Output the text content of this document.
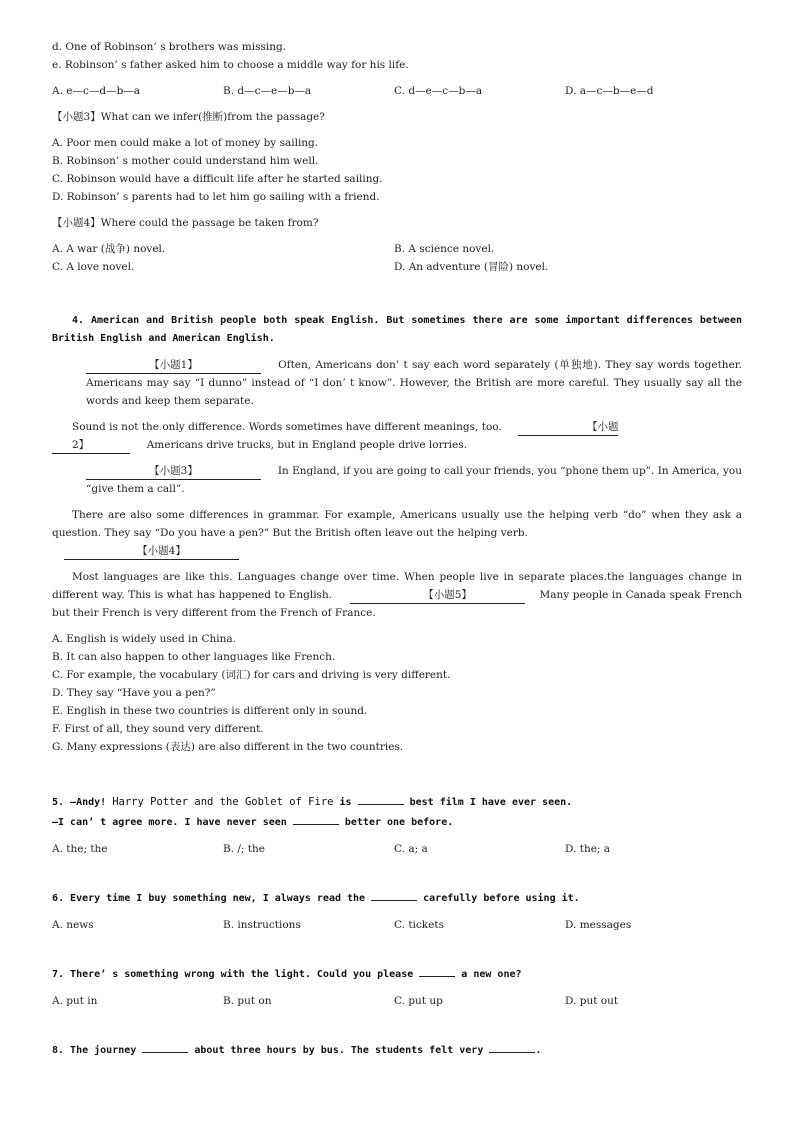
d. One of Robinson’ s brothers was missing.
e. Robinson’ s father asked him to choose a middle way for his life.
A. e—c—d—b—a	B. d—c—e—b—a	C. d—e—c—b—a	D. a—c—b—e—d
【小题3】What can we infer(推断)from the passage?
A. Poor men could make a lot of money by sailing.
B. Robinson’ s mother could understand him well.
C. Robinson would have a difficult life after he started sailing.
D. Robinson’ s parents had to let him go sailing with a friend.
【小题4】Where could the passage be taken from?
A. A war (战争) novel.	B. A science novel.
C. A love novel.	D. An adventure (冒险) novel.
4. American and British people both speak English. But sometimes there are some important differences between British English and American English.
【小题1】	Often, Americans don’ t say each word separately (单独地). They say words together. Americans may say “I dunno” instead of “I don’ t know”. However, the British are more careful. They usually say all the words and keep them separate.
Sound is not the only difference. Words sometimes have different meanings, too.	【小题
2】	Americans drive trucks, but in England people drive lorries.
【小题3】	In England, if you are going to call your friends, you “phone them up”. In America, you “give them a call”.
There are also some differences in grammar. For example, Americans usually use the helping verb “do” when they ask a question. They say “Do you have a pen?” But the British often leave out the helping verb.
【小题4】
Most languages are like this. Languages change over time. When people live in separate places.the languages change in different way. This is what has happened to English.	【小题5】	Many people in Canada speak French but their French is very different from the French of France.
A. English is widely used in China.
B. It can also happen to other languages like French.
C. For example, the vocabulary (词汇) for cars and driving is very different.
D. They say “Have you a pen?”
E. English in these two countries is different only in sound.
F. First of all, they sound very different.
G. Many expressions (表达) are also different in the two countries.
5. —Andy! Harry Potter and the Goblet of Fire is	best film I have ever seen.
—I can’ t agree more. I have never seen	better one before.
A. the; the	B. /; the	C. a; a	D. the; a
6. Every time I buy something new, I always read the	carefully before using it.
A. news	B. instructions	C. tickets	D. messages
7. There’ s something wrong with the light. Could you please	a new one?
A. put in	B. put on	C. put up	D. put out
8. The journey	about three hours by bus. The students felt very	.
